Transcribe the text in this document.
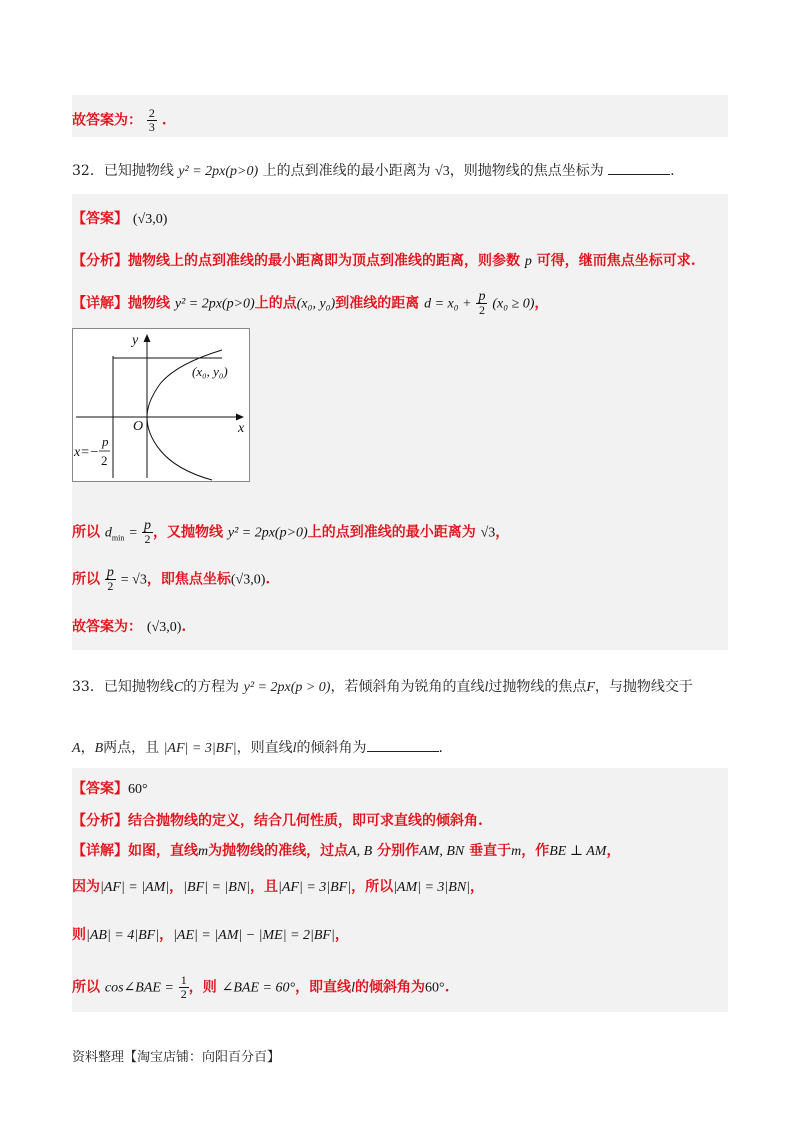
故答案为： $\frac{2}{3}$ .
32．已知抛物线 y² = 2px(p>0) 上的点到准线的最小距离为 √3，则抛物线的焦点坐标为	.
【答案】 (√3,0)
【分析】抛物线上的点到准线的最小距离即为顶点到准线的距离，则参数 p 可得，继而焦点坐标可求.
【详解】抛物线 y² = 2px(p>0)上的点(x₀, y₀)到准线的距离 $d = x_0 + \frac{p}{2} (x_0 \ge 0)$，
y
x
O
(x₀, y₀)
x=−
p
2
所以 $d_{min} = \frac{p}{2}$ ，又抛物线 y² = 2px(p>0)上的点到准线的最小距离为 √3，
所以 $\frac{p}{2} = √3$，即焦点坐标(√3,0).
故答案为： (√3,0).
33．已知抛物线C的方程为 y² = 2px(p > 0)，若倾斜角为锐角的直线l过抛物线的焦点F，与抛物线交于
A，B两点，且 |AF| = 3|BF|，则直线l的倾斜角为	.
【答案】60°
【分析】结合抛物线的定义，结合几何性质，即可求直线的倾斜角.
【详解】如图，直线m为抛物线的准线，过点A, B 分别作AM, BN 垂直于m，作BE ⊥ AM，
因为|AF| = |AM|，|BF| = |BN|，且|AF| = 3|BF|，所以|AM| = 3|BN|，
则|AB| = 4|BF|，|AE| = |AM| − |ME| = 2|BF|，
所以 cos∠BAE = $\frac{1}{2}$ ，则 ∠BAE = 60°，即直线l的倾斜角为60°.
资料整理【淘宝店铺：向阳百分百】
